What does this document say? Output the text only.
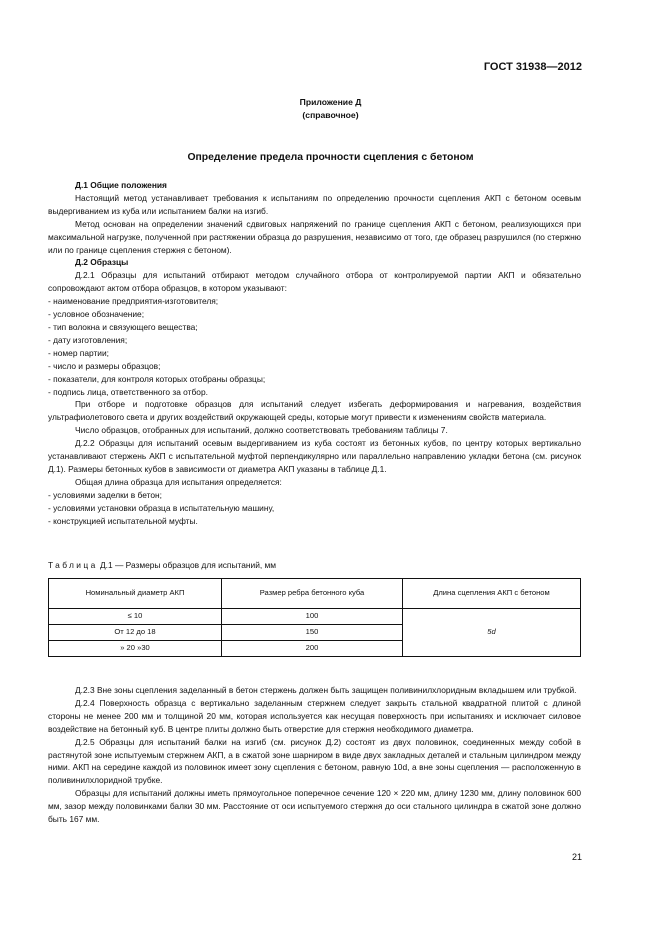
ГОСТ 31938—2012
Приложение Д
(справочное)
Определение предела прочности сцепления с бетоном

Д.1 Общие положения

Настоящий метод устанавливает требования к испытаниям по определению прочности сцепления АКП с бетоном осевым выдергиванием из куба или испытанием балки на изгиб.

Метод основан на определении значений сдвиговых напряжений по границе сцепления АКП с бетоном, реализующихся при максимальной нагрузке, полученной при растяжении образца до разрушения, независимо от того, где образец разрушился (по стержню или по границе сцепления стержня с бетоном).

Д.2 Образцы

Д.2.1 Образцы для испытаний отбирают методом случайного отбора от контролируемой партии АКП и обязательно сопровождают актом отбора образцов, в котором указывают:

- наименование предприятия-изготовителя;

- условное обозначение;

- тип волокна и связующего вещества;

- дату изготовления;

- номер партии;

- число и размеры образцов;

- показатели, для контроля которых отобраны образцы;

- подпись лица, ответственного за отбор.

При отборе и подготовке образцов для испытаний следует избегать деформирования и нагревания, воздействия ультрафиолетового света и других воздействий окружающей среды, которые могут привести к изменениям свойств материала.

Число образцов, отобранных для испытаний, должно соответствовать требованиям таблицы 7.

Д.2.2 Образцы для испытаний осевым выдергиванием из куба состоят из бетонных кубов, по центру которых вертикально устанавливают стержень АКП с испытательной муфтой перпендикулярно или параллельно направлению укладки бетона (см. рисунок Д.1). Размеры бетонных кубов в зависимости от диаметра АКП указаны в таблице Д.1.

Общая длина образца для испытания определяется:

- условиями заделки в бетон;

- условиями установки образца в испытательную машину,

- конструкцией испытательной муфты.

Таблица Д.1 — Размеры образцов для испытаний, мм
Номинальный диаметр АКП	Размер ребра бетонного куба	Длина сцепления АКП с бетоном
≤ 10	100	5d
От 12 до 18	150	
» 20 »30	200	

Д.2.3 Вне зоны сцепления заделанный в бетон стержень должен быть защищен поливинилхлоридным вкладышем или трубкой.

Д.2.4 Поверхность образца с вертикально заделанным стержнем следует закрыть стальной квадратной плитой с длиной стороны не менее 200 мм и толщиной 20 мм, которая используется как несущая поверхность при испытаниях и исключает силовое воздействие на бетонный куб. В центре плиты должно быть отверстие для стержня необходимого диаметра.

Д.2.5 Образцы для испытаний балки на изгиб (см. рисунок Д.2) состоят из двух половинок, соединенных между собой в растянутой зоне испытуемым стержнем АКП, а в сжатой зоне шарниром в виде двух закладных деталей и стальным цилиндром между ними. АКП на середине каждой из половинок имеет зону сцепления с бетоном, равную 10d, а вне зоны сцепления — расположенную в поливинилхлоридной трубке.

Образцы для испытаний должны иметь прямоугольное поперечное сечение 120 × 220 мм, длину 1230 мм, длину половинок 600 мм, зазор между половинками балки 30 мм. Расстояние от оси испытуемого стержня до оси стального цилиндра в сжатой зоне должно быть 167 мм.

21
